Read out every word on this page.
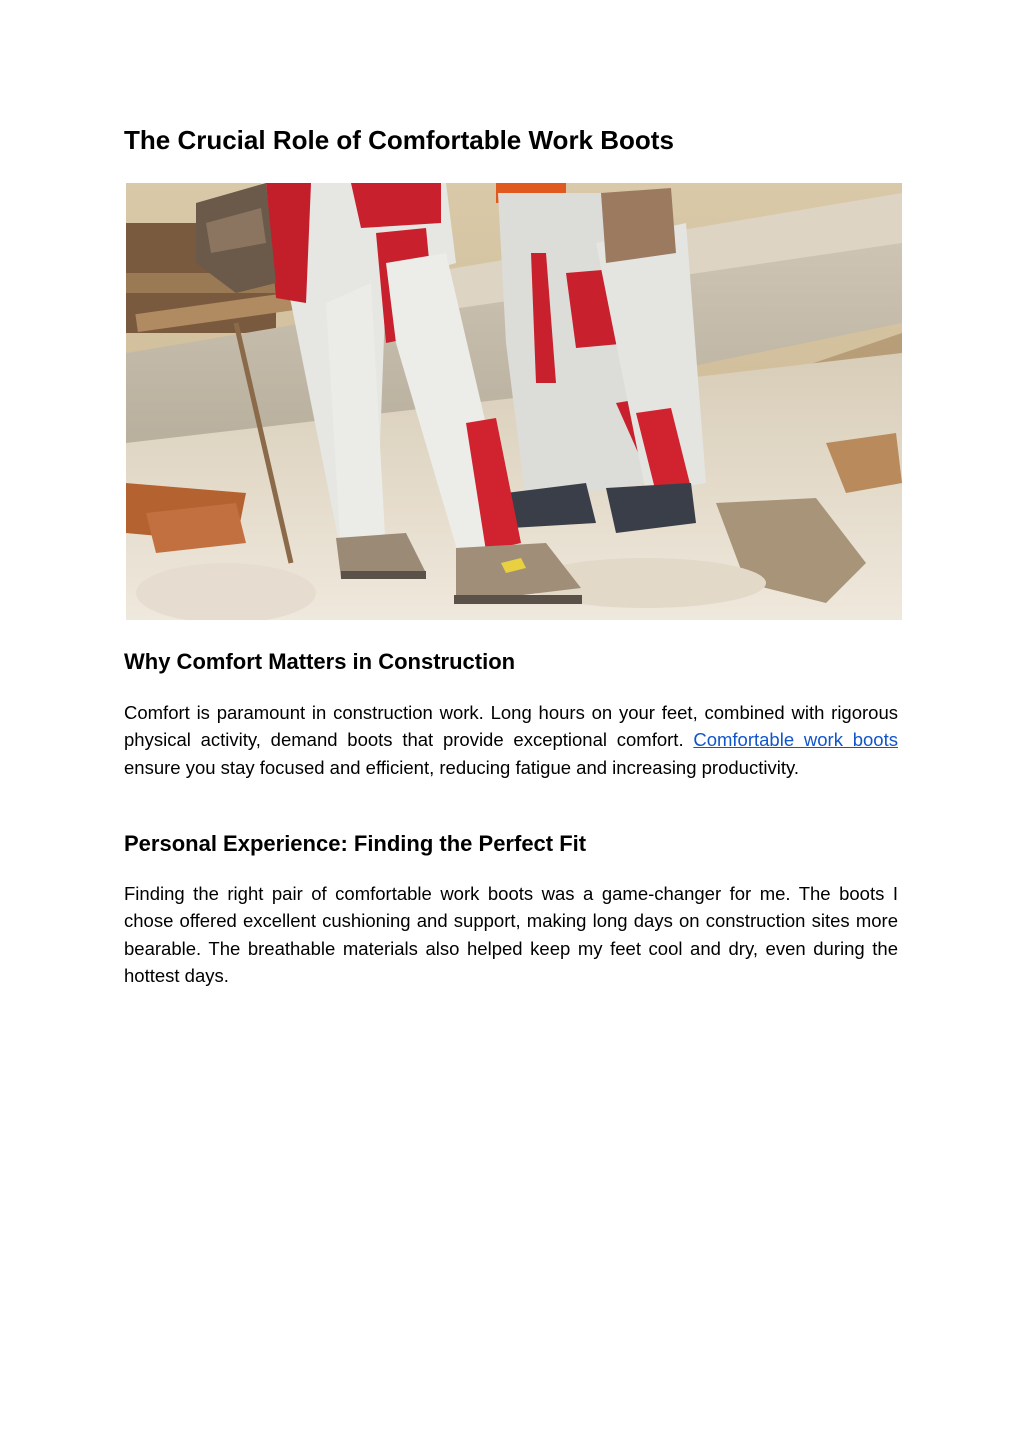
The Crucial Role of Comfortable Work Boots
Why Comfort Matters in Construction

Comfort is paramount in construction work. Long hours on your feet, combined with rigorous physical activity, demand boots that provide exceptional comfort. Comfortable work boots ensure you stay focused and efficient, reducing fatigue and increasing productivity.

Personal Experience: Finding the Perfect Fit

Finding the right pair of comfortable work boots was a game-changer for me. The boots I chose offered excellent cushioning and support, making long days on construction sites more bearable. The breathable materials also helped keep my feet cool and dry, even during the hottest days.
